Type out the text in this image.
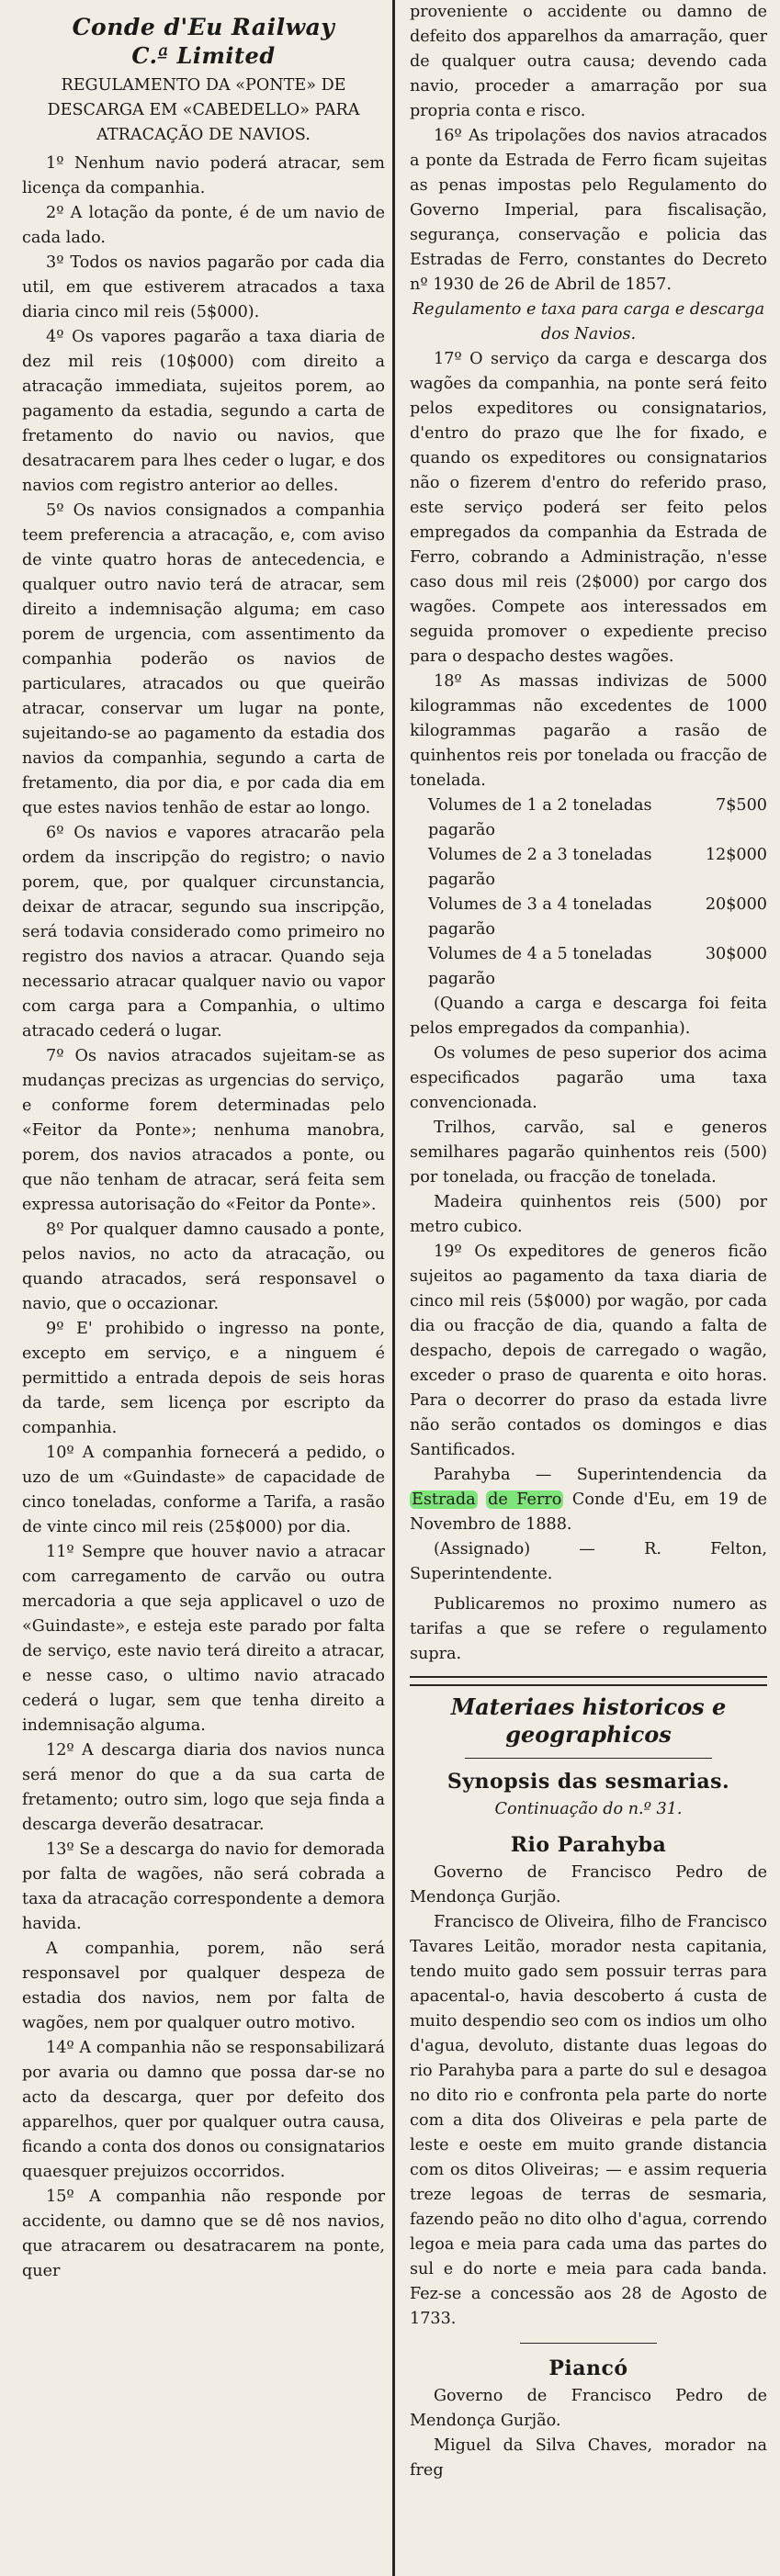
Conde d'Eu Railway
C.ª Limited

REGULAMENTO DA «PONTE» DE DESCARGA EM «CABEDELLO» PARA ATRACAÇÃO DE NAVIOS.

1º Nenhum navio poderá atracar, sem licença da companhia.

2º A lotação da ponte, é de um navio de cada lado.

3º Todos os navios pagarão por cada dia util, em que estiverem atracados a taxa diaria cinco mil reis (5$000).

4º Os vapores pagarão a taxa diaria de dez mil reis (10$000) com direito a atracação immediata, sujeitos porem, ao pagamento da estadia, segundo a carta de fretamento do navio ou navios, que desatracarem para lhes ceder o lugar, e dos navios com registro anterior ao delles.

5º Os navios consignados a companhia teem preferencia a atracação, e, com aviso de vinte quatro horas de antecedencia, e qualquer outro navio terá de atracar, sem direito a indemnisação alguma; em caso porem de urgencia, com assentimento da companhia poderão os navios de particulares, atracados ou que queirão atracar, conservar um lugar na ponte, sujeitando-se ao pagamento da estadia dos navios da companhia, segundo a carta de fretamento, dia por dia, e por cada dia em que estes navios tenhão de estar ao longo.

6º Os navios e vapores atracarão pela ordem da inscripção do registro; o navio porem, que, por qualquer circunstancia, deixar de atracar, segundo sua inscripção, será todavia considerado como primeiro no registro dos navios a atracar. Quando seja necessario atracar qualquer navio ou vapor com carga para a Companhia, o ultimo atracado cederá o lugar.

7º Os navios atracados sujeitam-se as mudanças precizas as urgencias do serviço, e conforme forem determinadas pelo «Feitor da Ponte»; nenhuma manobra, porem, dos navios atracados a ponte, ou que não tenham de atracar, será feita sem expressa autorisação do «Feitor da Ponte».

8º Por qualquer damno causado a ponte, pelos navios, no acto da atracação, ou quando atracados, será responsavel o navio, que o occazionar.

9º E' prohibido o ingresso na ponte, excepto em serviço, e a ninguem é permittido a entrada depois de seis horas da tarde, sem licença por escripto da companhia.

10º A companhia fornecerá a pedido, o uzo de um «Guindaste» de capacidade de cinco toneladas, conforme a Tarifa, a rasão de vinte cinco mil reis (25$000) por dia.

11º Sempre que houver navio a atracar com carregamento de carvão ou outra mercadoria a que seja applicavel o uzo de «Guindaste», e esteja este parado por falta de serviço, este navio terá direito a atracar, e nesse caso, o ultimo navio atracado cederá o lugar, sem que tenha direito a indemnisação alguma.

12º A descarga diaria dos navios nunca será menor do que a da sua carta de fretamento; outro sim, logo que seja finda a descarga deverão desatracar.

13º Se a descarga do navio for demorada por falta de wagões, não será cobrada a taxa da atracação correspondente a demora havida.

A companhia, porem, não será responsavel por qualquer despeza de estadia dos navios, nem por falta de wagões, nem por qualquer outro motivo.

14º A companhia não se responsabilizará por avaria ou damno que possa dar-se no acto da descarga, quer por defeito dos apparelhos, quer por qualquer outra causa, ficando a conta dos donos ou consignatarios quaesquer prejuizos occorridos.

15º A companhia não responde por accidente, ou damno que se dê nos navios, que atracarem ou desatracarem na ponte, quer

proveniente o accidente ou damno de defeito dos apparelhos da amarração, quer de qualquer outra causa; devendo cada navio, proceder a amarração por sua propria conta e risco.

16º As tripolações dos navios atracados a ponte da Estrada de Ferro ficam sujeitas as penas impostas pelo Regulamento do Governo Imperial, para fiscalisação, segurança, conservação e policia das Estradas de Ferro, constantes do Decreto nº 1930 de 26 de Abril de 1857.

Regulamento e taxa para carga e descarga dos Navios.

17º O serviço da carga e descarga dos wagões da companhia, na ponte será feito pelos expeditores ou consignatarios, d'entro do prazo que lhe for fixado, e quando os expeditores ou consignatarios não o fizerem d'entro do referido praso, este serviço poderá ser feito pelos empregados da companhia da Estrada de Ferro, cobrando a Administração, n'esse caso dous mil reis (2$000) por cargo dos wagões. Compete aos interessados em seguida promover o expediente preciso para o despacho destes wagões.

18º As massas indivizas de 5000 kilogrammas não excedentes de 1000 kilogrammas pagarão a rasão de quinhentos reis por tonelada ou fracção de tonelada.

Volumes de 1 a 2 toneladas pagarão
7$500
Volumes de 2 a 3 toneladas pagarão
12$000
Volumes de 3 a 4 toneladas pagarão
20$000
Volumes de 4 a 5 toneladas pagarão
30$000

(Quando a carga e descarga foi feita pelos empregados da companhia).

Os volumes de peso superior dos acima especificados pagarão uma taxa convencionada.

Trilhos, carvão, sal e generos semilhares pagarão quinhentos reis (500) por tonelada, ou fracção de tonelada.

Madeira quinhentos reis (500) por metro cubico.

19º Os expeditores de generos ficão sujeitos ao pagamento da taxa diaria de cinco mil reis (5$000) por wagão, por cada dia ou fracção de dia, quando a falta de despacho, depois de carregado o wagão, exceder o praso de quarenta e oito horas. Para o decorrer do praso da estada livre não serão contados os domingos e dias Santificados.

Parahyba — Superintendencia da Estrada de Ferro Conde d'Eu, em 19 de Novembro de 1888.

(Assignado) — R. Felton, Superintendente.

Publicaremos no proximo numero as tarifas a que se refere o regulamento supra.

Materiaes historicos e geographicos
Synopsis das sesmarias.

Continuação do n.º 31.

Rio Parahyba

Governo de Francisco Pedro de Mendonça Gurjão.

Francisco de Oliveira, filho de Francisco Tavares Leitão, morador nesta capitania, tendo muito gado sem possuir terras para apacental-o, havia descoberto á custa de muito despendio seo com os indios um olho d'agua, devoluto, distante duas legoas do rio Parahyba para a parte do sul e desagoa no dito rio e confronta pela parte do norte com a dita dos Oliveiras e pela parte de leste e oeste em muito grande distancia com os ditos Oliveiras; — e assim requeria treze legoas de terras de sesmaria, fazendo peão no dito olho d'agua, correndo legoa e meia para cada uma das partes do sul e do norte e meia para cada banda. Fez-se a concessão aos 28 de Agosto de 1733.

Piancó

Governo de Francisco Pedro de Mendonça Gurjão.

Miguel da Silva Chaves, morador na freg
